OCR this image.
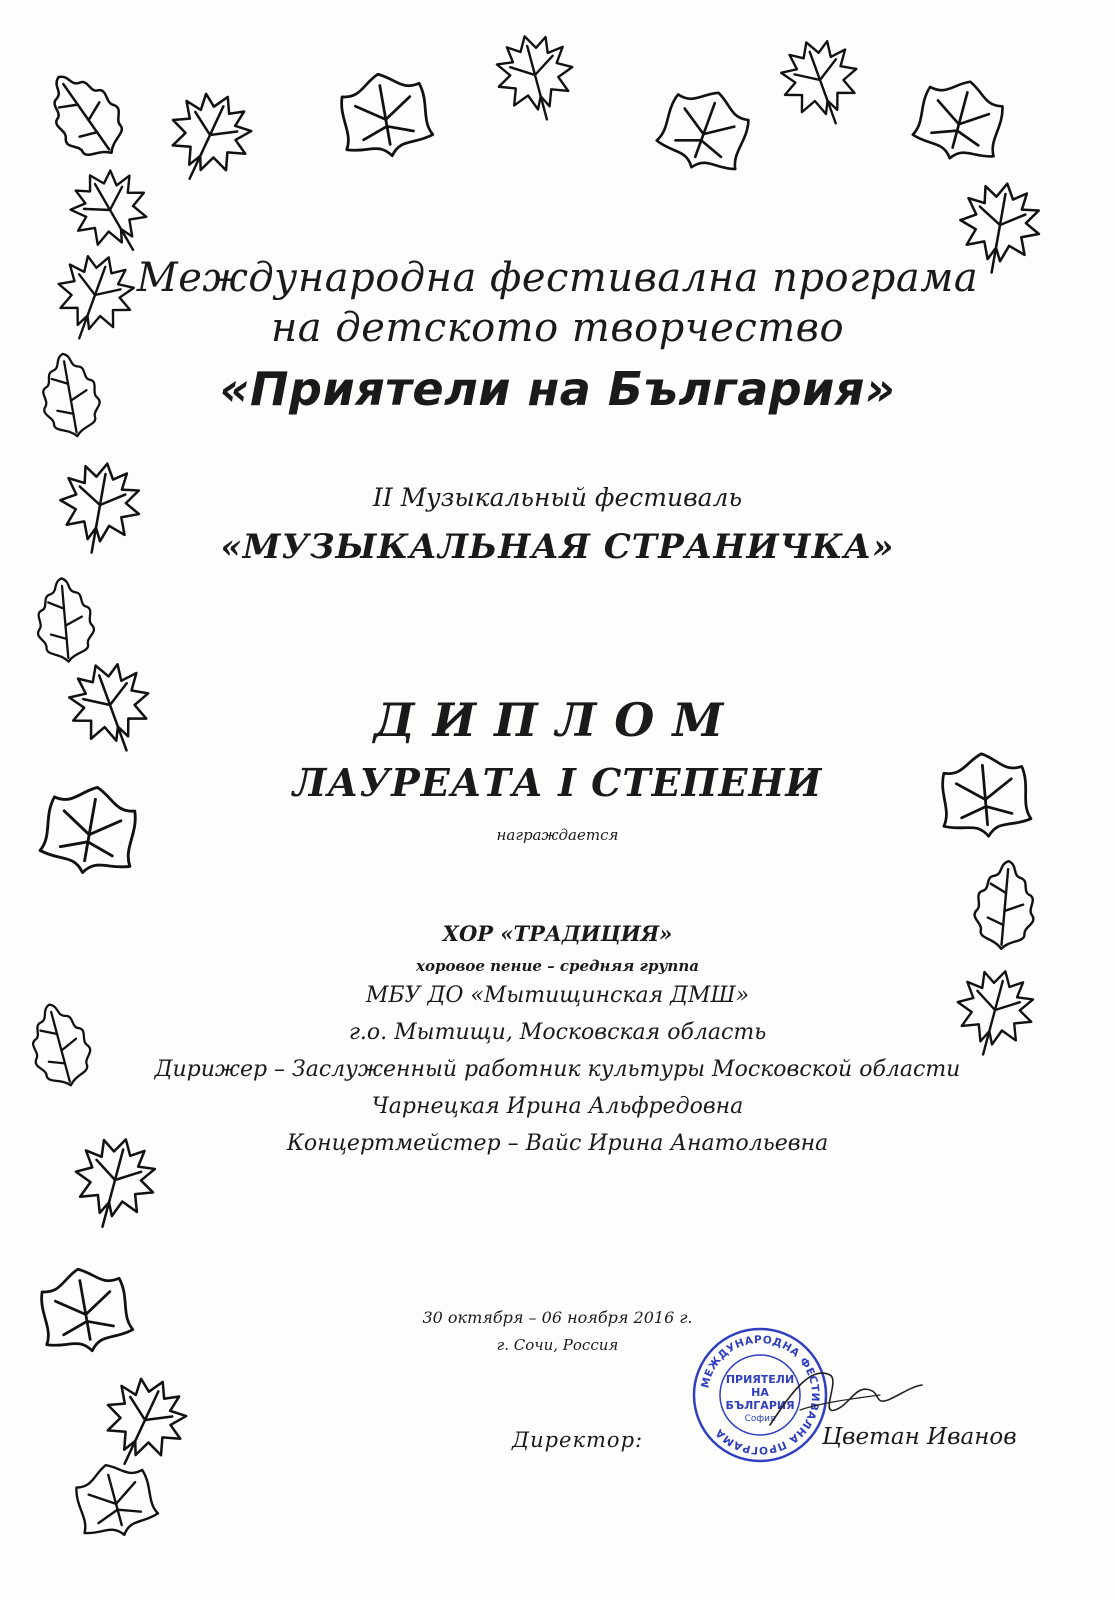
Международна фестивална програма
на детското творчество
«Приятели на България»
II Музыкальный фестиваль
«МУЗЫКАЛЬНАЯ СТРАНИЧКА»
ДИПЛОМ
ЛАУРЕАТА I СТЕПЕНИ
награждается
ХОР «ТРАДИЦИЯ»
хоровое пение – средняя группа
МБУ ДО «Мытищинская ДМШ»
г.о. Мытищи, Московская область
Дирижер – Заслуженный работник культуры Московской области
Чарнецкая Ирина Альфредовна
Концертмейстер – Вайс Ирина Анатольевна
30 октября – 06 ноября 2016 г.
г. Сочи, Россия
Директор:
МЕЖДУНАРОДНА ФЕСТИВАЛНА ПРОГРАМА
ПРИЯТЕЛИ
НА
БЪЛГАРИЯ
София
Цветан Иванов
